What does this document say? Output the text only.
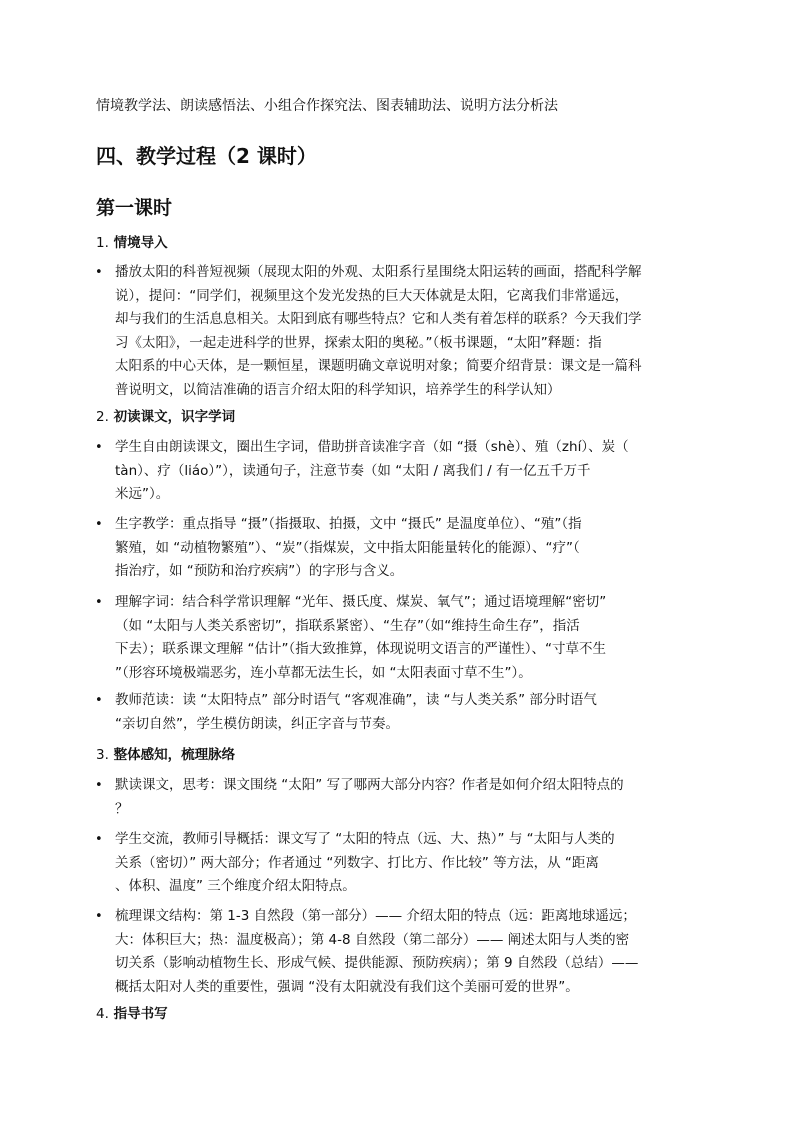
情境教学法、朗读感悟法、小组合作探究法、图表辅助法、说明方法分析法
四、教学过程（2 课时）
第一课时
1. 情境导入
• 播放太阳的科普短视频（展现太阳的外观、太阳系行星围绕太阳运转的画面，搭配科学解
说），提问：“同学们，视频里这个发光发热的巨大天体就是太阳，它离我们非常遥远，
却与我们的生活息息相关。太阳到底有哪些特点？它和人类有着怎样的联系？今天我们学
习《太阳》，一起走进科学的世界，探索太阳的奥秘。”（板书课题，“太阳”释题：指
太阳系的中心天体，是一颗恒星，课题明确文章说明对象；简要介绍背景：课文是一篇科
普说明文，以简洁准确的语言介绍太阳的科学知识，培养学生的科学认知）
2. 初读课文，识字学词
• 学生自由朗读课文，圈出生字词，借助拼音读准字音（如 “摄（shè）、殖（zhí）、炭（
tàn）、疗（liáo）”），读通句子，注意节奏（如 “太阳 / 离我们 / 有一亿五千万千
米远”）。
• 生字教学：重点指导 “摄”（指摄取、拍摄，文中 “摄氏” 是温度单位）、“殖”（指
繁殖，如 “动植物繁殖”）、“炭”（指煤炭，文中指太阳能量转化的能源）、“疗”（
指治疗，如 “预防和治疗疾病”）的字形与含义。
• 理解字词：结合科学常识理解 “光年、摄氏度、煤炭、氧气”；通过语境理解“密切”
（如 “太阳与人类关系密切”，指联系紧密）、“生存”（如“维持生命生存”，指活
下去）；联系课文理解 “估计”（指大致推算，体现说明文语言的严谨性）、“寸草不生
”（形容环境极端恶劣，连小草都无法生长，如 “太阳表面寸草不生”）。
• 教师范读：读 “太阳特点” 部分时语气 “客观准确”，读 “与人类关系” 部分时语气
“亲切自然”，学生模仿朗读，纠正字音与节奏。
3. 整体感知，梳理脉络
• 默读课文，思考：课文围绕 “太阳” 写了哪两大部分内容？作者是如何介绍太阳特点的
？
• 学生交流，教师引导概括：课文写了 “太阳的特点（远、大、热）” 与 “太阳与人类的
关系（密切）” 两大部分；作者通过 “列数字、打比方、作比较” 等方法，从 “距离
、体积、温度” 三个维度介绍太阳特点。
• 梳理课文结构：第 1-3 自然段（第一部分）—— 介绍太阳的特点（远：距离地球遥远；
大：体积巨大；热：温度极高）；第 4-8 自然段（第二部分）—— 阐述太阳与人类的密
切关系（影响动植物生长、形成气候、提供能源、预防疾病）；第 9 自然段（总结）——
概括太阳对人类的重要性，强调 “没有太阳就没有我们这个美丽可爱的世界”。
4. 指导书写
